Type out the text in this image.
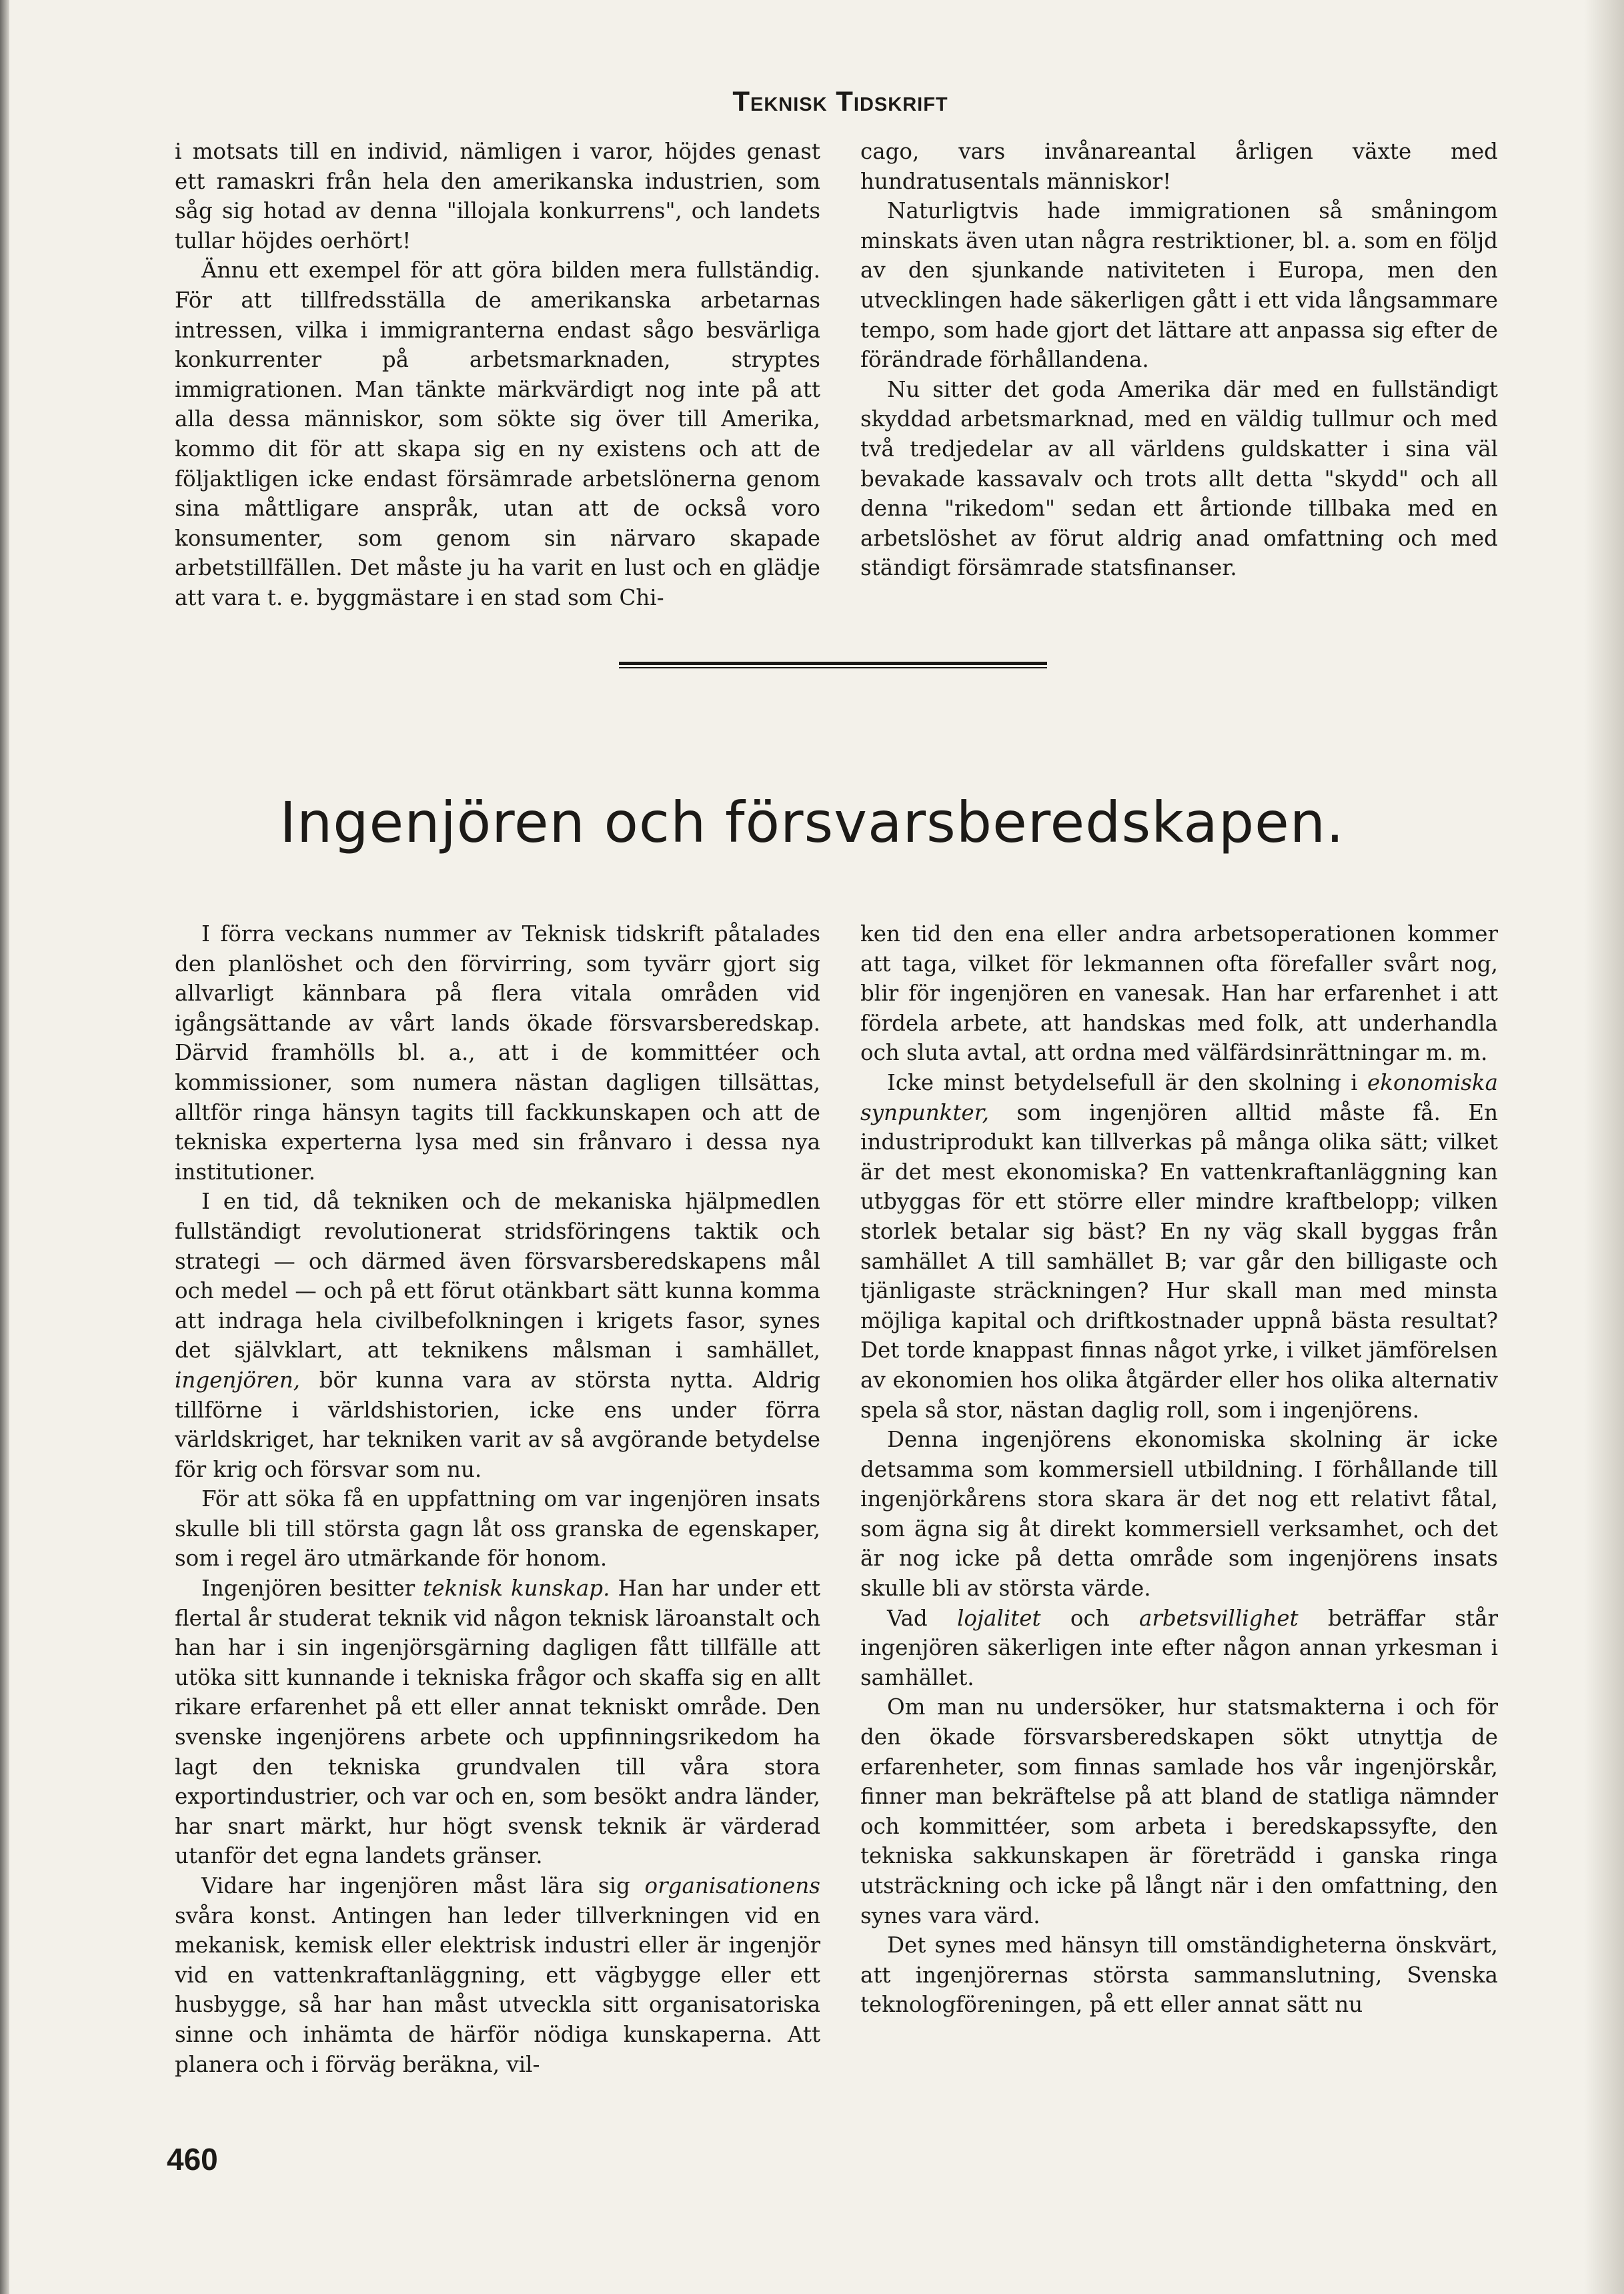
Teknisk Tidskrift

i motsats till en individ, nämligen i varor, höjdes genast ett ramaskri från hela den amerikanska industrien, som såg sig hotad av denna "illojala konkurrens", och landets tullar höjdes oerhört!

Ännu ett exempel för att göra bilden mera fullständig. För att tillfredsställa de amerikanska arbetarnas intressen, vilka i immigranterna endast sågo besvärliga konkurrenter på arbetsmarknaden, stryptes immigrationen. Man tänkte märkvärdigt nog inte på att alla dessa människor, som sökte sig över till Amerika, kommo dit för att skapa sig en ny existens och att de följaktligen icke endast försämrade arbetslönerna genom sina måttligare anspråk, utan att de också voro konsumenter, som genom sin närvaro skapade arbetstillfällen. Det måste ju ha varit en lust och en glädje att vara t. e. byggmästare i en stad som Chi-

cago, vars invånareantal årligen växte med hundratusentals människor!

Naturligtvis hade immigrationen så småningom minskats även utan några restriktioner, bl. a. som en följd av den sjunkande nativiteten i Europa, men den utvecklingen hade säkerligen gått i ett vida långsammare tempo, som hade gjort det lättare att anpassa sig efter de förändrade förhållandena.

Nu sitter det goda Amerika där med en fullständigt skyddad arbetsmarknad, med en väldig tullmur och med två tredjedelar av all världens guldskatter i sina väl bevakade kassavalv och trots allt detta "skydd" och all denna "rikedom" sedan ett årtionde tillbaka med en arbetslöshet av förut aldrig anad omfattning och med ständigt försämrade statsfinanser.

Ingenjören och försvarsberedskapen.

I förra veckans nummer av Teknisk tidskrift påtalades den planlöshet och den förvirring, som tyvärr gjort sig allvarligt kännbara på flera vitala områden vid igångsättande av vårt lands ökade försvarsberedskap. Därvid framhölls bl. a., att i de kommittéer och kommissioner, som numera nästan dagligen tillsättas, alltför ringa hänsyn tagits till fackkunskapen och att de tekniska experterna lysa med sin frånvaro i dessa nya institutioner.

I en tid, då tekniken och de mekaniska hjälpmedlen fullständigt revolutionerat stridsföringens taktik och strategi — och därmed även försvarsberedskapens mål och medel — och på ett förut otänkbart sätt kunna komma att indraga hela civilbefolkningen i krigets fasor, synes det självklart, att teknikens målsman i samhället, ingenjören, bör kunna vara av största nytta. Aldrig tillförne i världshistorien, icke ens under förra världskriget, har tekniken varit av så avgörande betydelse för krig och försvar som nu.

För att söka få en uppfattning om var ingenjören insats skulle bli till största gagn låt oss granska de egenskaper, som i regel äro utmärkande för honom.

Ingenjören besitter teknisk kunskap. Han har under ett flertal år studerat teknik vid någon teknisk läroanstalt och han har i sin ingenjörsgärning dagligen fått tillfälle att utöka sitt kunnande i tekniska frågor och skaffa sig en allt rikare erfarenhet på ett eller annat tekniskt område. Den svenske ingenjörens arbete och uppfinningsrikedom ha lagt den tekniska grundvalen till våra stora exportindustrier, och var och en, som besökt andra länder, har snart märkt, hur högt svensk teknik är värderad utanför det egna landets gränser.

Vidare har ingenjören måst lära sig organisationens svåra konst. Antingen han leder tillverkningen vid en mekanisk, kemisk eller elektrisk industri eller är ingenjör vid en vattenkraftanläggning, ett vägbygge eller ett husbygge, så har han måst utveckla sitt organisatoriska sinne och inhämta de härför nödiga kunskaperna. Att planera och i förväg beräkna, vil-

ken tid den ena eller andra arbetsoperationen kommer att taga, vilket för lekmannen ofta förefaller svårt nog, blir för ingenjören en vanesak. Han har erfarenhet i att fördela arbete, att handskas med folk, att underhandla och sluta avtal, att ordna med välfärdsinrättningar m. m.

Icke minst betydelsefull är den skolning i ekonomiska synpunkter, som ingenjören alltid måste få. En industriprodukt kan tillverkas på många olika sätt; vilket är det mest ekonomiska? En vattenkraftanläggning kan utbyggas för ett större eller mindre kraftbelopp; vilken storlek betalar sig bäst? En ny väg skall byggas från samhället A till samhället B; var går den billigaste och tjänligaste sträckningen? Hur skall man med minsta möjliga kapital och driftkostnader uppnå bästa resultat? Det torde knappast finnas något yrke, i vilket jämförelsen av ekonomien hos olika åtgärder eller hos olika alternativ spela så stor, nästan daglig roll, som i ingenjörens.

Denna ingenjörens ekonomiska skolning är icke detsamma som kommersiell utbildning. I förhållande till ingenjörkårens stora skara är det nog ett relativt fåtal, som ägna sig åt direkt kommersiell verksamhet, och det är nog icke på detta område som ingenjörens insats skulle bli av största värde.

Vad lojalitet och arbetsvillighet beträffar står ingenjören säkerligen inte efter någon annan yrkesman i samhället.

Om man nu undersöker, hur statsmakterna i och för den ökade försvarsberedskapen sökt utnyttja de erfarenheter, som finnas samlade hos vår ingenjörskår, finner man bekräftelse på att bland de statliga nämnder och kommittéer, som arbeta i beredskapssyfte, den tekniska sakkunskapen är företrädd i ganska ringa utsträckning och icke på långt när i den omfattning, den synes vara värd.

Det synes med hänsyn till omständigheterna önskvärt, att ingenjörernas största sammanslutning, Svenska teknologföreningen, på ett eller annat sätt nu

460
